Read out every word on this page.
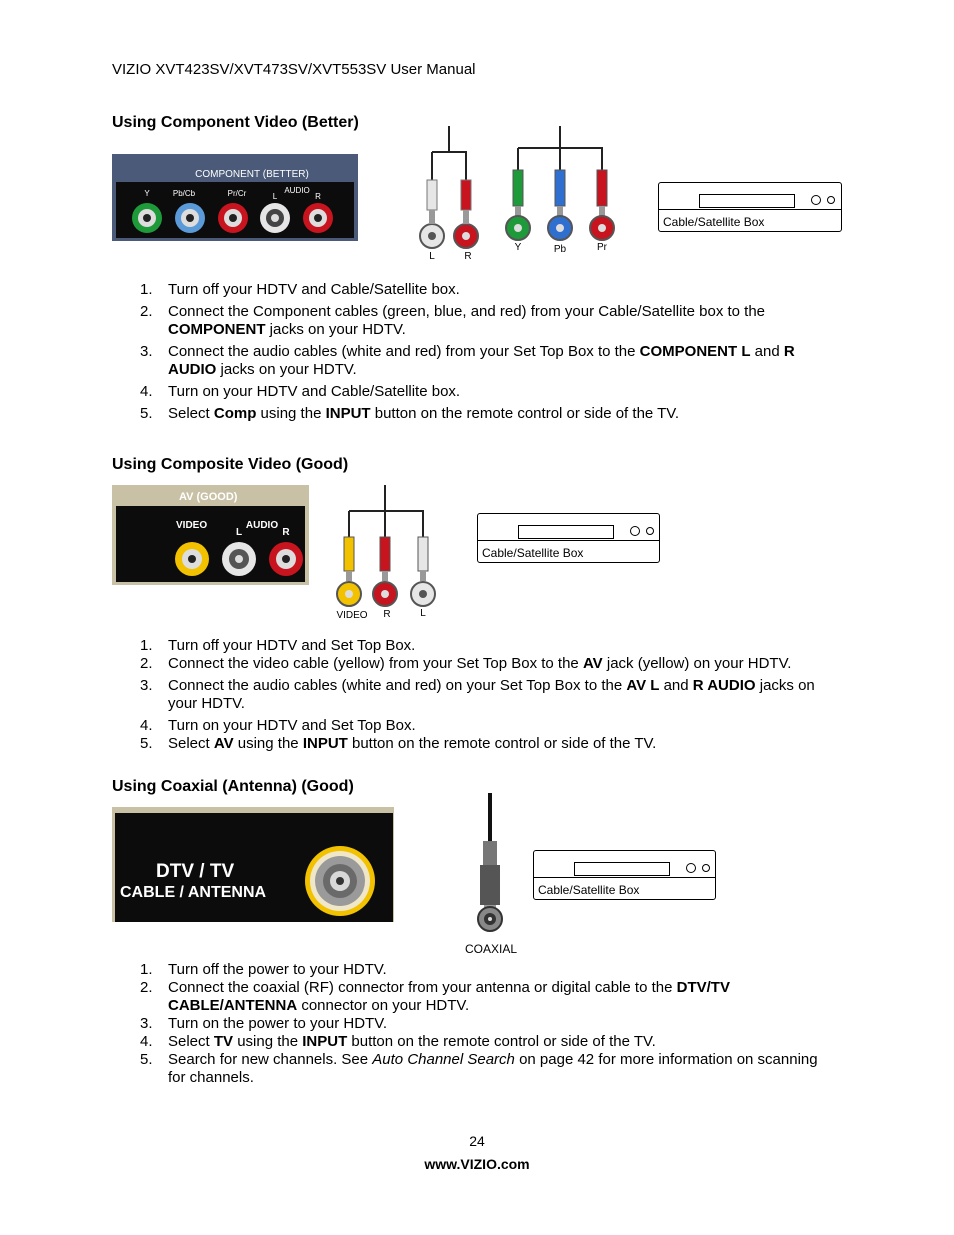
VIZIO XVT423SV/XVT473SV/XVT553SV User Manual
Using Component Video (Better)
COMPONENT (BETTER)
Y	Pb/Cb	Pr/Cr	AUDIO
L	R
L	R
Y	Pb	Pr
Cable/Satellite Box
1. Turn off your HDTV and Cable/Satellite box.
2. Connect the Component cables (green, blue, and red) from your Cable/Satellite box to the COMPONENT jacks on your HDTV.
3. Connect the audio cables (white and red) from your Set Top Box to the COMPONENT L and R AUDIO jacks on your HDTV.
4. Turn on your HDTV and Cable/Satellite box.
5. Select Comp using the INPUT button on the remote control or side of the TV.
Using Composite Video (Good)
AV (GOOD)
VIDEO	AUDIO
L	R
VIDEO R	L
Cable/Satellite Box
1. Turn off your HDTV and Set Top Box.
2. Connect the video cable (yellow) from your Set Top Box to the AV jack (yellow) on your HDTV.
3. Connect the audio cables (white and red) on your Set Top Box to the AV L and R AUDIO jacks on your HDTV.
4. Turn on your HDTV and Set Top Box.
5. Select AV using the INPUT button on the remote control or side of the TV.
Using Coaxial (Antenna) (Good)
DTV / TV
CABLE / ANTENNA
COAXIAL
Cable/Satellite Box
1. Turn off the power to your HDTV.
2. Connect the coaxial (RF) connector from your antenna or digital cable to the DTV/TV CABLE/ANTENNA connector on your HDTV.
3. Turn on the power to your HDTV.
4. Select TV using the INPUT button on the remote control or side of the TV.
5. Search for new channels. See Auto Channel Search on page 42 for more information on scanning for channels.
24
www.VIZIO.com
